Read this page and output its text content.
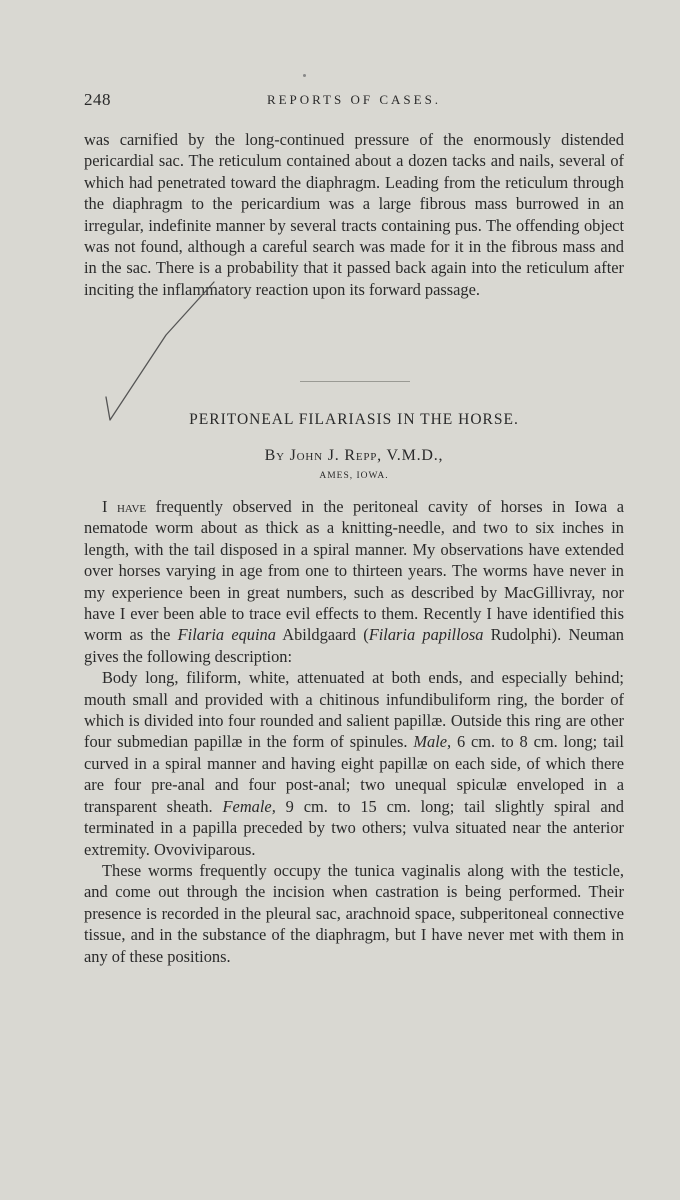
248	REPORTS OF CASES.

was carnified by the long-continued pressure of the enormously distended pericardial sac. The reticulum contained about a dozen tacks and nails, several of which had penetrated toward the diaphragm. Leading from the reticulum through the diaphragm to the pericardium was a large fibrous mass burrowed in an irregular, indefinite manner by several tracts containing pus. The offending object was not found, although a careful search was made for it in the fibrous mass and in the sac. There is a probability that it passed back again into the reticulum after inciting the inflammatory reaction upon its forward passage.

PERITONEAL FILARIASIS IN THE HORSE.
By John J. Repp, V.M.D.,
AMES, IOWA.

I have frequently observed in the peritoneal cavity of horses in Iowa a nematode worm about as thick as a knitting-needle, and two to six inches in length, with the tail disposed in a spiral manner. My observations have extended over horses varying in age from one to thirteen years. The worms have never in my experience been in great numbers, such as described by MacGillivray, nor have I ever been able to trace evil effects to them. Recently I have identified this worm as the Filaria equina Abildgaard (Filaria papillosa Rudolphi). Neuman gives the following description:

Body long, filiform, white, attenuated at both ends, and especially behind; mouth small and provided with a chitinous infundibuliform ring, the border of which is divided into four rounded and salient papillæ. Outside this ring are other four submedian papillæ in the form of spinules. Male, 6 cm. to 8 cm. long; tail curved in a spiral manner and having eight papillæ on each side, of which there are four pre-anal and four post-anal; two unequal spiculæ enveloped in a transparent sheath. Female, 9 cm. to 15 cm. long; tail slightly spiral and terminated in a papilla preceded by two others; vulva situated near the anterior extremity. Ovoviviparous.

These worms frequently occupy the tunica vaginalis along with the testicle, and come out through the incision when castration is being performed. Their presence is recorded in the pleural sac, arachnoid space, subperitoneal connective tissue, and in the substance of the diaphragm, but I have never met with them in any of these positions.
